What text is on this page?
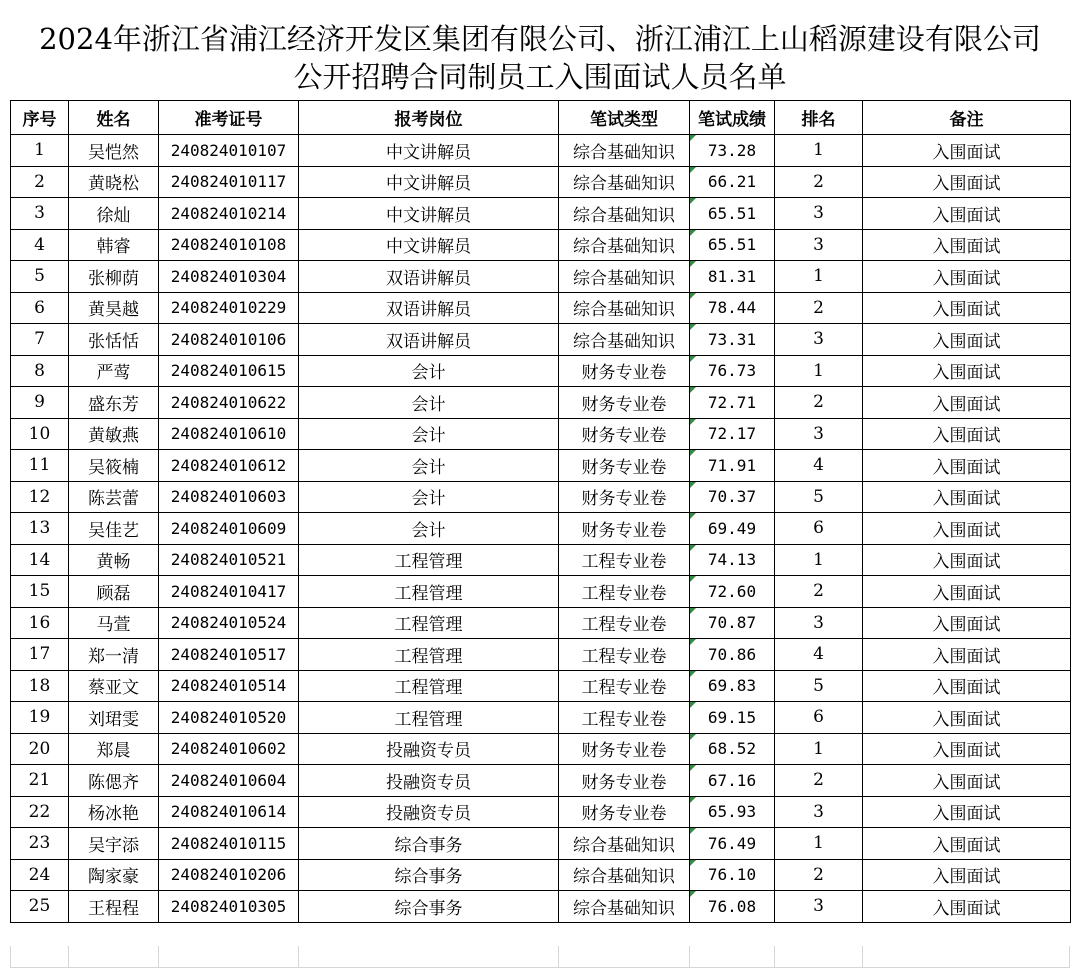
2024年浙江省浦江经济开发区集团有限公司、浙江浦江上山稻源建设有限公司
公开招聘合同制员工入围面试人员名单
序号	姓名	准考证号	报考岗位	笔试类型	笔试成绩	排名	备注
1	吴恺然	240824010107	中文讲解员	综合基础知识	73.28	1	入围面试
2	黄晓松	240824010117	中文讲解员	综合基础知识	66.21	2	入围面试
3	徐灿	240824010214	中文讲解员	综合基础知识	65.51	3	入围面试
4	韩睿	240824010108	中文讲解员	综合基础知识	65.51	3	入围面试
5	张柳荫	240824010304	双语讲解员	综合基础知识	81.31	1	入围面试
6	黄昊越	240824010229	双语讲解员	综合基础知识	78.44	2	入围面试
7	张恬恬	240824010106	双语讲解员	综合基础知识	73.31	3	入围面试
8	严莺	240824010615	会计	财务专业卷	76.73	1	入围面试
9	盛东芳	240824010622	会计	财务专业卷	72.71	2	入围面试
10	黄敏燕	240824010610	会计	财务专业卷	72.17	3	入围面试
11	吴筱楠	240824010612	会计	财务专业卷	71.91	4	入围面试
12	陈芸蕾	240824010603	会计	财务专业卷	70.37	5	入围面试
13	吴佳艺	240824010609	会计	财务专业卷	69.49	6	入围面试
14	黄畅	240824010521	工程管理	工程专业卷	74.13	1	入围面试
15	顾磊	240824010417	工程管理	工程专业卷	72.60	2	入围面试
16	马萱	240824010524	工程管理	工程专业卷	70.87	3	入围面试
17	郑一清	240824010517	工程管理	工程专业卷	70.86	4	入围面试
18	蔡亚文	240824010514	工程管理	工程专业卷	69.83	5	入围面试
19	刘珺雯	240824010520	工程管理	工程专业卷	69.15	6	入围面试
20	郑晨	240824010602	投融资专员	财务专业卷	68.52	1	入围面试
21	陈偲齐	240824010604	投融资专员	财务专业卷	67.16	2	入围面试
22	杨冰艳	240824010614	投融资专员	财务专业卷	65.93	3	入围面试
23	吴宇添	240824010115	综合事务	综合基础知识	76.49	1	入围面试
24	陶家豪	240824010206	综合事务	综合基础知识	76.10	2	入围面试
25	王程程	240824010305	综合事务	综合基础知识	76.08	3	入围面试
